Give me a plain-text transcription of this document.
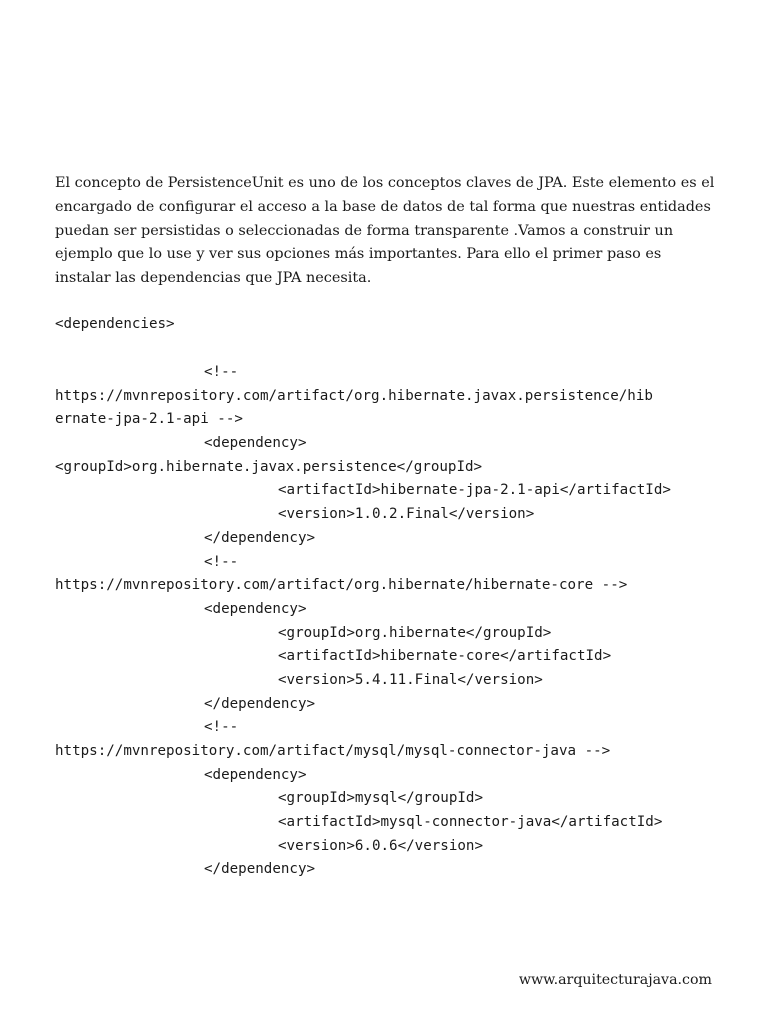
El concepto de PersistenceUnit es uno de los conceptos claves de JPA. Este elemento es el encargado de configurar el acceso a la base de datos de tal forma que nuestras entidades puedan ser persistidas o seleccionadas de forma transparente .Vamos a construir un ejemplo que lo use y ver sus opciones más importantes. Para ello el primer paso es instalar las dependencias que JPA necesita.

<dependencies>
<!--
https://mvnrepository.com/artifact/org.hibernate.javax.persistence/hib
ernate-jpa-2.1-api -->
<dependency>
<groupId>org.hibernate.javax.persistence</groupId>
<artifactId>hibernate-jpa-2.1-api</artifactId>
<version>1.0.2.Final</version>
</dependency>
<!--
https://mvnrepository.com/artifact/org.hibernate/hibernate-core -->
<dependency>
<groupId>org.hibernate</groupId>
<artifactId>hibernate-core</artifactId>
<version>5.4.11.Final</version>
</dependency>
<!--
https://mvnrepository.com/artifact/mysql/mysql-connector-java -->
<dependency>
<groupId>mysql</groupId>
<artifactId>mysql-connector-java</artifactId>
<version>6.0.6</version>
</dependency>
www.arquitecturajava.com
